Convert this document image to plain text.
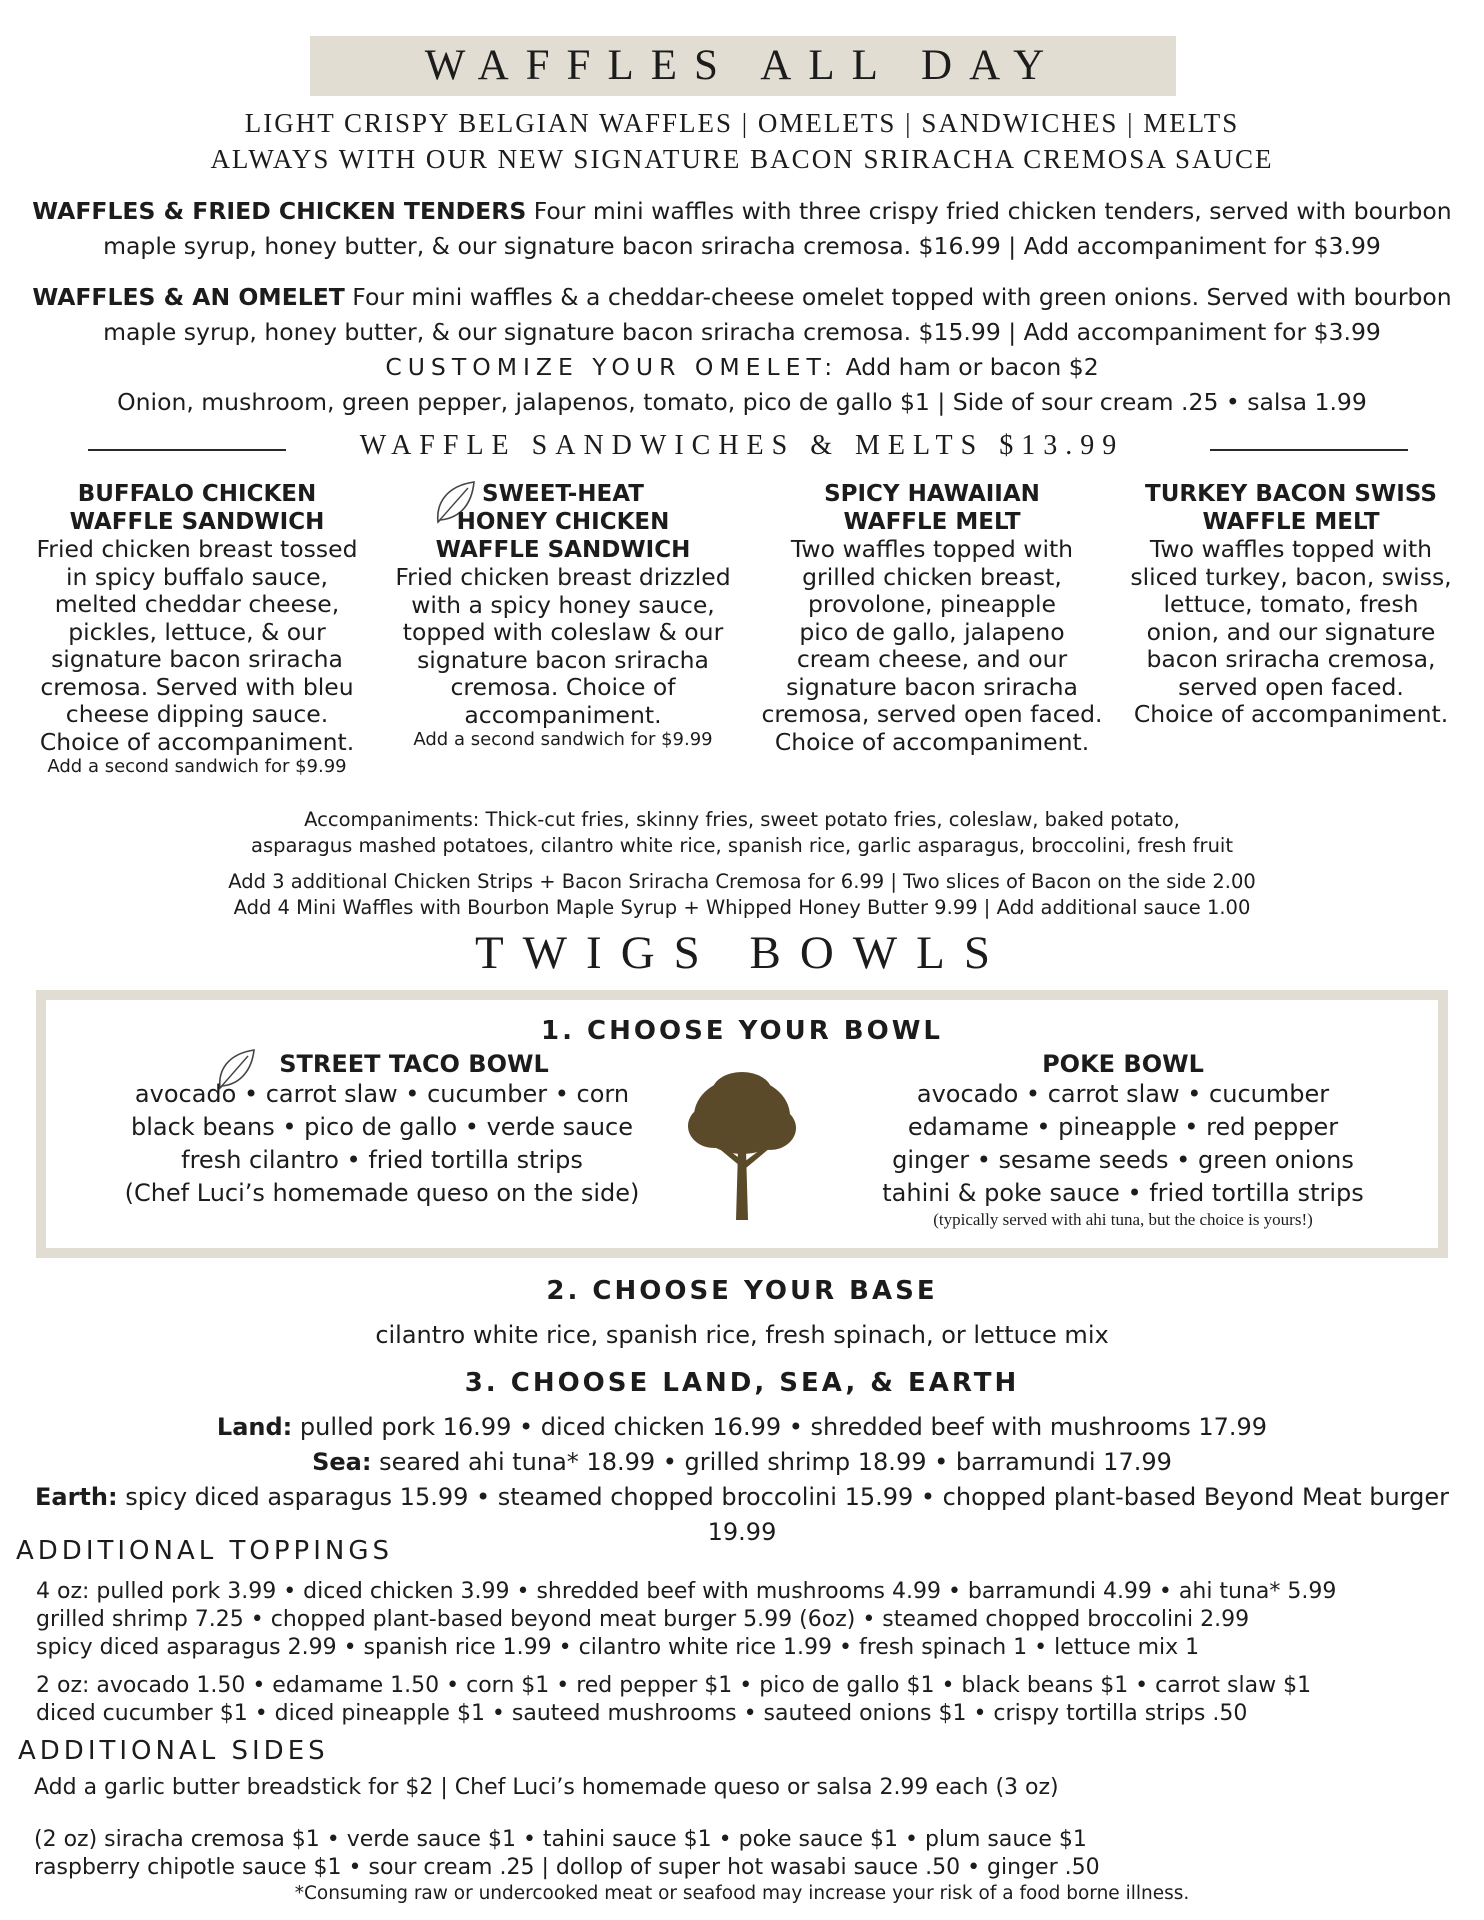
WAFFLES ALL DAY
LIGHT CRISPY BELGIAN WAFFLES | OMELETS | SANDWICHES | MELTS
ALWAYS WITH OUR NEW SIGNATURE BACON SRIRACHA CREMOSA SAUCE
WAFFLES & FRIED CHICKEN TENDERS Four mini waffles with three crispy fried chicken tenders, served with bourbon
maple syrup, honey butter, & our signature bacon sriracha cremosa. $16.99 | Add accompaniment for $3.99
WAFFLES & AN OMELET Four mini waffles & a cheddar-cheese omelet topped with green onions. Served with bourbon
maple syrup, honey butter, & our signature bacon sriracha cremosa. $15.99 | Add accompaniment for $3.99
CUSTOMIZE YOUR OMELET: Add ham or bacon $2
Onion, mushroom, green pepper, jalapenos, tomato, pico de gallo $1 | Side of sour cream .25 • salsa 1.99
WAFFLE SANDWICHES & MELTS $13.99
BUFFALO CHICKEN
WAFFLE SANDWICH
Fried chicken breast tossed
in spicy buffalo sauce,
melted cheddar cheese,
pickles, lettuce, & our
signature bacon sriracha
cremosa. Served with bleu
cheese dipping sauce.
Choice of accompaniment.
Add a second sandwich for $9.99
SWEET-HEAT
HONEY CHICKEN
WAFFLE SANDWICH
Fried chicken breast drizzled
with a spicy honey sauce,
topped with coleslaw & our
signature bacon sriracha
cremosa. Choice of
accompaniment.
Add a second sandwich for $9.99
SPICY HAWAIIAN
WAFFLE MELT
Two waffles topped with
grilled chicken breast,
provolone, pineapple
pico de gallo, jalapeno
cream cheese, and our
signature bacon sriracha
cremosa, served open faced.
Choice of accompaniment.
TURKEY BACON SWISS
WAFFLE MELT
Two waffles topped with
sliced turkey, bacon, swiss,
lettuce, tomato, fresh
onion, and our signature
bacon sriracha cremosa,
served open faced.
Choice of accompaniment.
Accompaniments: Thick-cut fries, skinny fries, sweet potato fries, coleslaw, baked potato,
asparagus mashed potatoes, cilantro white rice, spanish rice, garlic asparagus, broccolini, fresh fruit
Add 3 additional Chicken Strips + Bacon Sriracha Cremosa for 6.99 | Two slices of Bacon on the side 2.00
Add 4 Mini Waffles with Bourbon Maple Syrup + Whipped Honey Butter 9.99 | Add additional sauce 1.00
TWIGS BOWLS
1. CHOOSE YOUR BOWL
STREET TACO BOWL
avocado • carrot slaw • cucumber • corn
black beans • pico de gallo • verde sauce
fresh cilantro • fried tortilla strips
(Chef Luci’s homemade queso on the side)
POKE BOWL
avocado • carrot slaw • cucumber
edamame • pineapple • red pepper
ginger • sesame seeds • green onions
tahini & poke sauce • fried tortilla strips
(typically served with ahi tuna, but the choice is yours!)
2. CHOOSE YOUR BASE
cilantro white rice, spanish rice, fresh spinach, or lettuce mix
3. CHOOSE LAND, SEA, & EARTH
Land: pulled pork 16.99 • diced chicken 16.99 • shredded beef with mushrooms 17.99
Sea: seared ahi tuna* 18.99 • grilled shrimp 18.99 • barramundi 17.99
Earth: spicy diced asparagus 15.99 • steamed chopped broccolini 15.99 • chopped plant-based Beyond Meat burger
19.99
ADDITIONAL TOPPINGS
4 oz: pulled pork 3.99 • diced chicken 3.99 • shredded beef with mushrooms 4.99 • barramundi 4.99 • ahi tuna* 5.99
grilled shrimp 7.25 • chopped plant-based beyond meat burger 5.99 (6oz) • steamed chopped broccolini 2.99
spicy diced asparagus 2.99 • spanish rice 1.99 • cilantro white rice 1.99 • fresh spinach 1 • lettuce mix 1
2 oz: avocado 1.50 • edamame 1.50 • corn $1 • red pepper $1 • pico de gallo $1 • black beans $1 • carrot slaw $1
diced cucumber $1 • diced pineapple $1 • sauteed mushrooms • sauteed onions $1 • crispy tortilla strips .50
ADDITIONAL SIDES
Add a garlic butter breadstick for $2 | Chef Luci’s homemade queso or salsa 2.99 each (3 oz)
(2 oz) siracha cremosa $1 • verde sauce $1 • tahini sauce $1 • poke sauce $1 • plum sauce $1
raspberry chipotle sauce $1 • sour cream .25 | dollop of super hot wasabi sauce .50 • ginger .50
*Consuming raw or undercooked meat or seafood may increase your risk of a food borne illness.
